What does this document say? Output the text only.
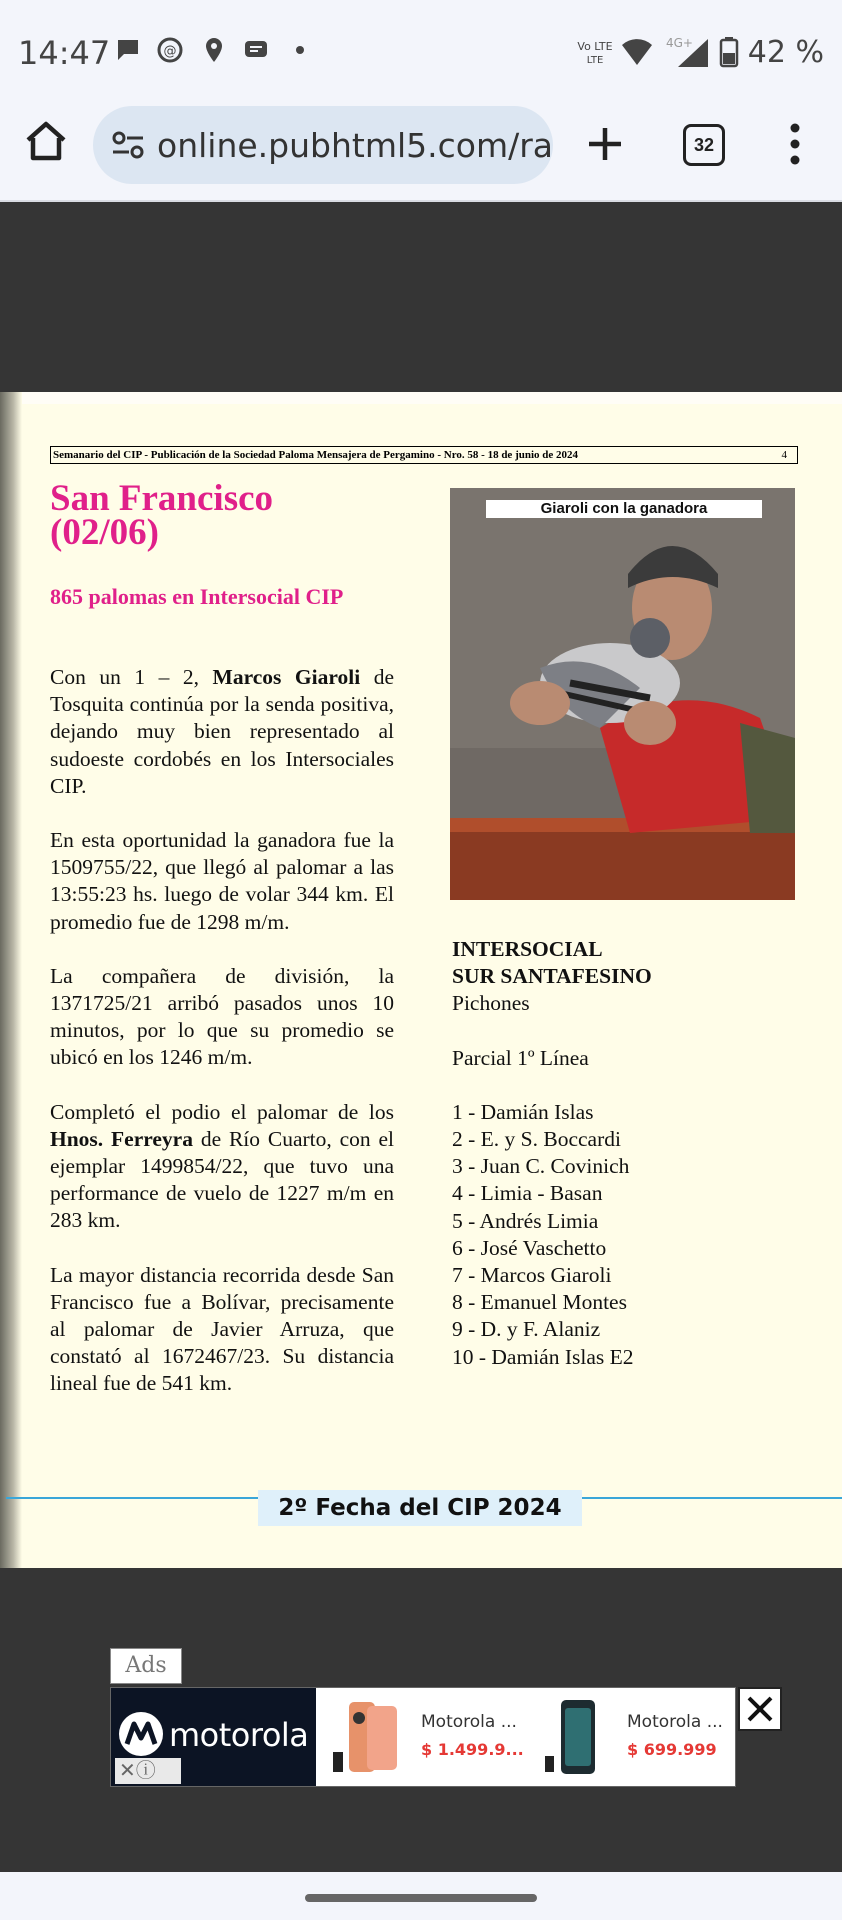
14:47	@	Vo LTE
LTE
4G+ 42 %
online.pubhtml5.com/ra	32
Semanario del CIP - Publicación de la Sociedad Paloma Mensajera de Pergamino - Nro. 58 - 18 de junio de 2024	4
San Francisco
(02/06)
865 palomas en Intersocial CIP

Con un 1 – 2, Marcos Giaroli de Tosquita continúa por la senda positiva, dejando muy bien representado al sudoeste cordobés en los Intersociales CIP.

En esta oportunidad la ganadora fue la 1509755/22, que llegó al palomar a las 13:55:23 hs. luego de volar 344 km. El promedio fue de 1298 m/m.

La compañera de división, la 1371725/21 arribó pasados unos 10 minutos, por lo que su promedio se ubicó en los 1246 m/m.

Completó el podio el palomar de los Hnos. Ferreyra de Río Cuarto, con el ejemplar 1499854/22, que tuvo una performance de vuelo de 1227 m/m en 283 km.

La mayor distancia recorrida desde San Francisco fue a Bolívar, precisamente al palomar de Javier Arruza, que constató al 1672467/23. Su distancia lineal fue de 541 km.

Giaroli con la ganadora
INTERSOCIAL
SUR SANTAFESINO
Pichones
Parcial 1º Línea
1 - Damián Islas
2 - E. y S. Boccardi
3 - Juan C. Covinich
4 - Limia - Basan
5 - Andrés Limia
6 - José Vaschetto
7 - Marcos Giaroli
8 - Emanuel Montes
9 - D. y F. Alaniz
10 - Damián Islas E2
2º Fecha del CIP 2024
Ads
motorola
✕ⓘ
Motorola ...
$ 1.499.9...
Motorola ...
$ 699.999
